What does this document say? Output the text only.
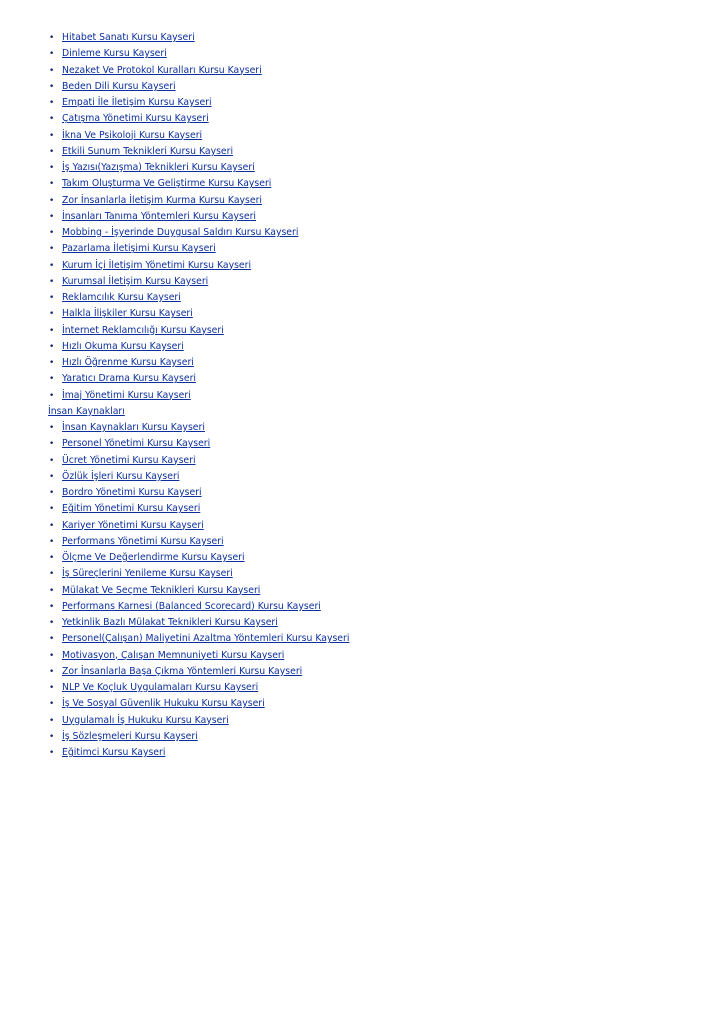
• Hitabet Sanatı Kursu Kayseri
• Dinleme Kursu Kayseri
• Nezaket Ve Protokol Kuralları Kursu Kayseri
• Beden Dili Kursu Kayseri
• Empati İle İletişim Kursu Kayseri
• Çatışma Yönetimi Kursu Kayseri
• İkna Ve Psikoloji Kursu Kayseri
• Etkili Sunum Teknikleri Kursu Kayseri
• İş Yazısı(Yazışma) Teknikleri Kursu Kayseri
• Takım Oluşturma Ve Geliştirme Kursu Kayseri
• Zor İnsanlarla İletişim Kurma Kursu Kayseri
• İnsanları Tanıma Yöntemleri Kursu Kayseri
• Mobbing - İşyerinde Duygusal Saldırı Kursu Kayseri
• Pazarlama İletişimi Kursu Kayseri
• Kurum İçi İletişim Yönetimi Kursu Kayseri
• Kurumsal İletişim Kursu Kayseri
• Reklamcılık Kursu Kayseri
• Halkla İlişkiler Kursu Kayseri
• İnternet Reklamcılığı Kursu Kayseri
• Hızlı Okuma Kursu Kayseri
• Hızlı Öğrenme Kursu Kayseri
• Yaratıcı Drama Kursu Kayseri
• İmaj Yönetimi Kursu Kayseri
İnsan Kaynakları
• İnsan Kaynakları Kursu Kayseri
• Personel Yönetimi Kursu Kayseri
• Ücret Yönetimi Kursu Kayseri
• Özlük İşleri Kursu Kayseri
• Bordro Yönetimi Kursu Kayseri
• Eğitim Yönetimi Kursu Kayseri
• Kariyer Yönetimi Kursu Kayseri
• Performans Yönetimi Kursu Kayseri
• Ölçme Ve Değerlendirme Kursu Kayseri
• İş Süreçlerini Yenileme Kursu Kayseri
• Mülakat Ve Seçme Teknikleri Kursu Kayseri
• Performans Karnesi (Balanced Scorecard) Kursu Kayseri
• Yetkinlik Bazlı Mülakat Teknikleri Kursu Kayseri
• Personel(Çalışan) Maliyetini Azaltma Yöntemleri Kursu Kayseri
• Motivasyon, Çalışan Memnuniyeti Kursu Kayseri
• Zor İnsanlarla Başa Çıkma Yöntemleri Kursu Kayseri
• NLP Ve Koçluk Uygulamaları Kursu Kayseri
• İş Ve Sosyal Güvenlik Hukuku Kursu Kayseri
• Uygulamalı İş Hukuku Kursu Kayseri
• İş Sözleşmeleri Kursu Kayseri
• Eğitimci Kursu Kayseri
